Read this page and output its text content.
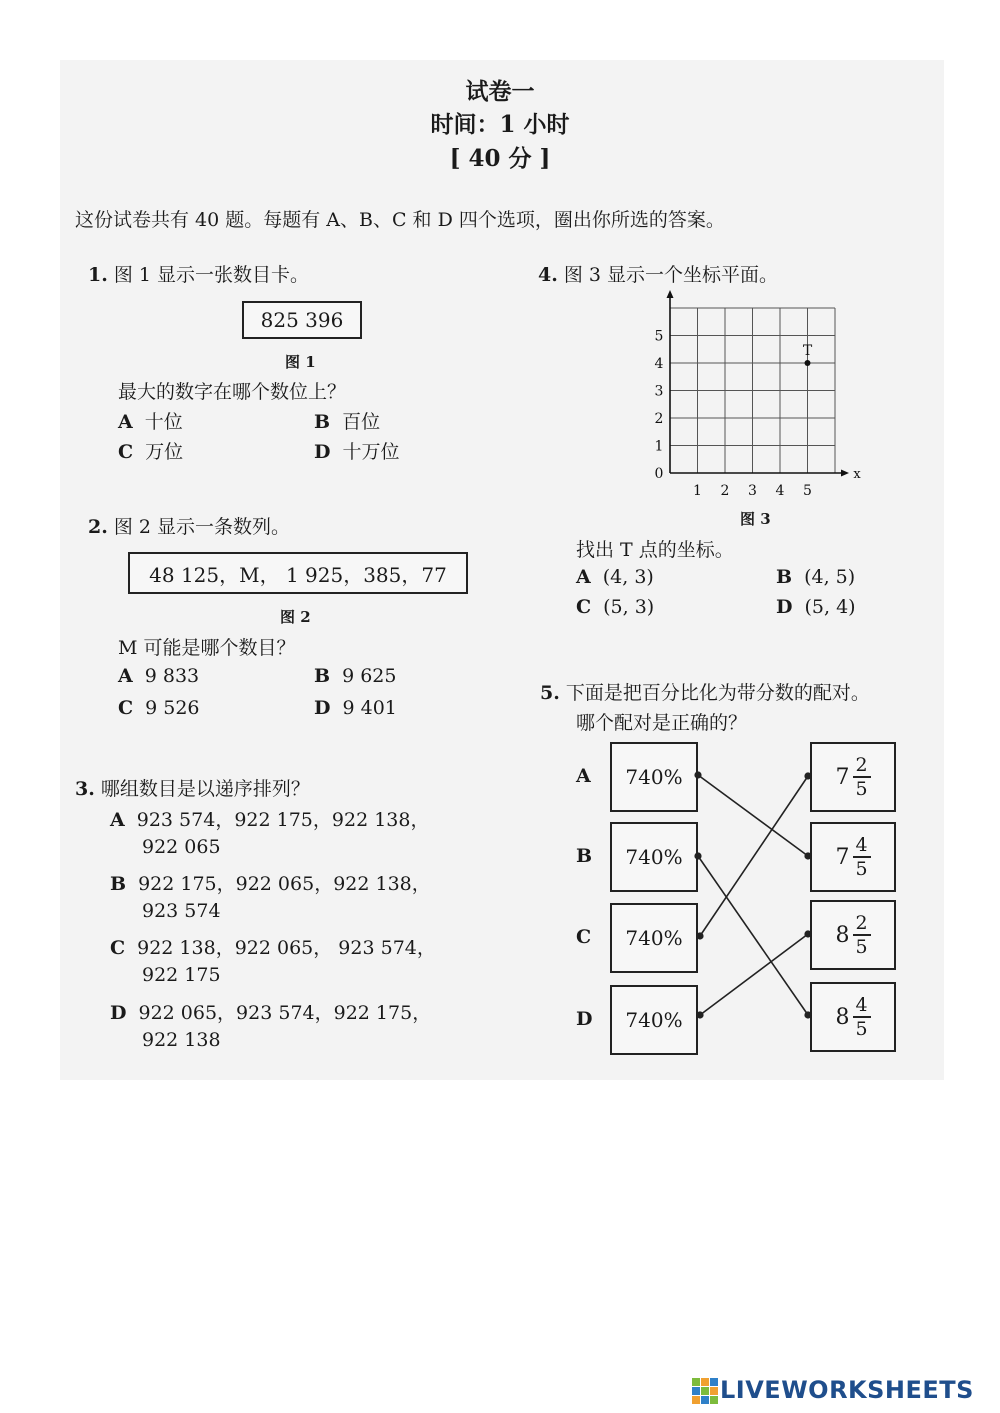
试卷一
时间：1 小时
[ 40 分 ]
这份试卷共有 40 题。每题有 A、B、C 和 D 四个选项，圈出你所选的答案。
1. 图 1 显示一张数目卡。
825 396
图 1
最大的数字在哪个数位上？
A 十位	B 百位
C 万位	D 十万位
2. 图 2 显示一条数列。
48 125，M， 1 925，385，77
图 2
M 可能是哪个数目？
A 9 833	B 9 625
C 9 526	D 9 401
3. 哪组数目是以递序排列？
A 923 574，922 175，922 138，
922 065
B 922 175，922 065，922 138，
923 574
C 922 138，922 065， 923 574，
922 175
D 922 065，923 574，922 175，
922 138
4. 图 3 显示一个坐标平面。
0
1 2 3 4 5
1
2
3
4
5
x
T
图 3
找出 T 点的坐标。
A (4, 3)	B (4, 5)
C (5, 3)	D (5, 4)
5. 下面是把百分比化为带分数的配对。
哪个配对是正确的？
A
B
C
D
740%
740%
740%
740%
7 2
5
7 4
5
8 2
5
8 4
5
LIVEWORKSHEETS
